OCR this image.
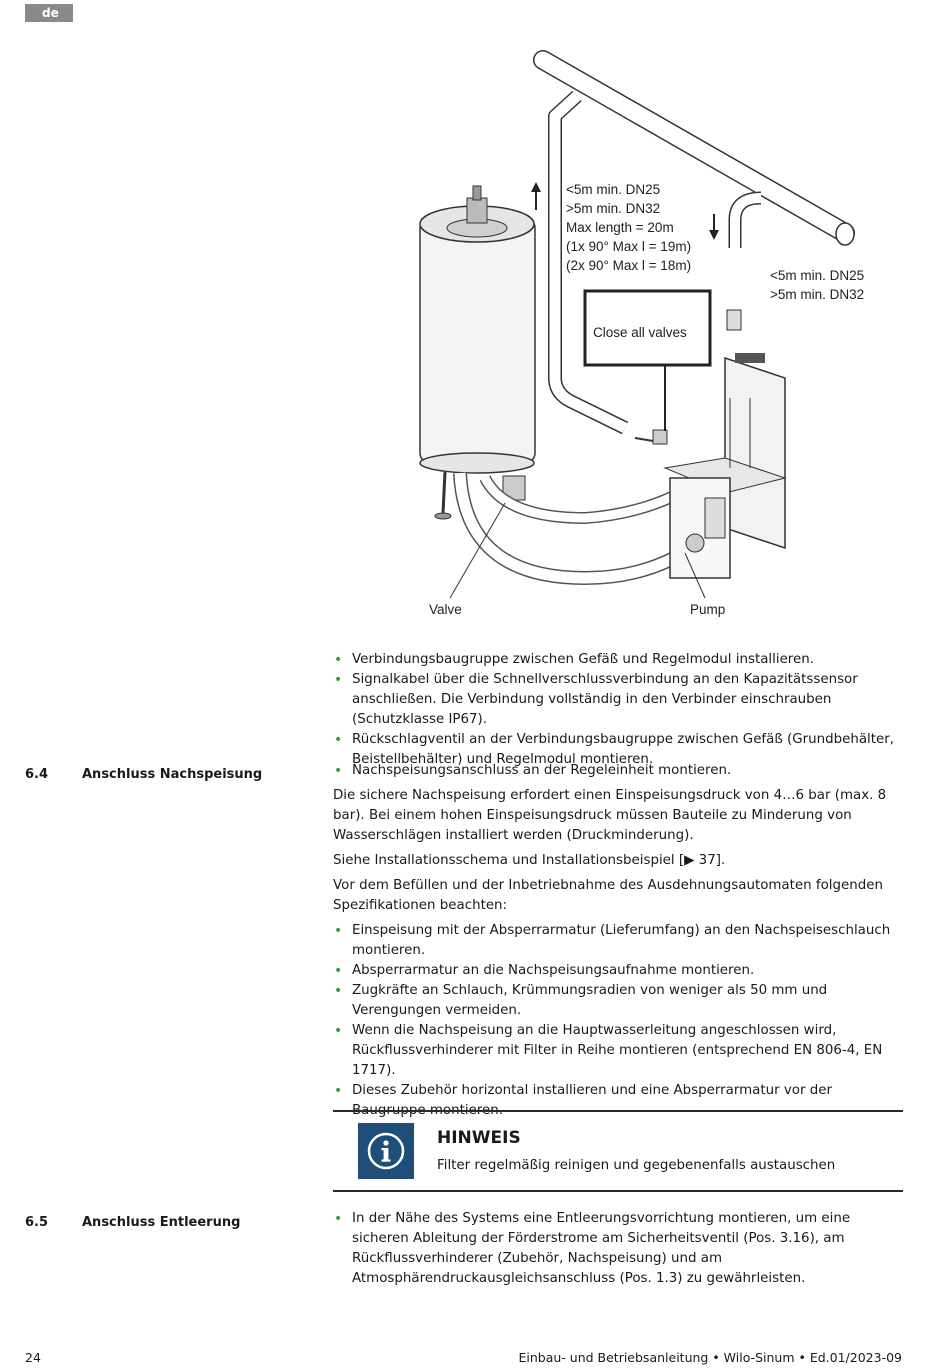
de
<5m min. DN25
>5m min. DN32
Max length = 20m
(1x 90° Max l = 19m)
(2x 90° Max l = 18m)
<5m min. DN25
>5m min. DN32
Close all valves
Valve	Pump
• Verbindungsbaugruppe zwischen Gefäß und Regelmodul installieren.
• Signalkabel über die Schnellverschlussverbindung an den Kapazitätssensor anschließen. Die Verbindung vollständig in den Verbinder einschrauben (Schutzklasse IP67).
• Rückschlagventil an der Verbindungsbaugruppe zwischen Gefäß (Grundbehälter, Beistellbehälter) und Regelmodul montieren.
6.4	Anschluss Nachspeisung	• Nachspeisungsanschluss an der Regeleinheit montieren.

Die sichere Nachspeisung erfordert einen Einspeisungsdruck von 4…6 bar (max. 8 bar). Bei einem hohen Einspeisungsdruck müssen Bauteile zu Minderung von Wasserschlägen installiert werden (Druckminderung).

Siehe Installationsschema und Installationsbeispiel [▶ 37].

Vor dem Befüllen und der Inbetriebnahme des Ausdehnungsautomaten folgenden Spezifikationen beachten:

• Einspeisung mit der Absperrarmatur (Lieferumfang) an den Nachspeiseschlauch montieren.
• Absperrarmatur an die Nachspeisungsaufnahme montieren.
• Zugkräfte an Schlauch, Krümmungsradien von weniger als 50 mm und Verengungen vermeiden.
• Wenn die Nachspeisung an die Hauptwasserleitung angeschlossen wird, Rückflussverhinderer mit Filter in Reihe montieren (entsprechend EN 806-4, EN 1717).
• Dieses Zubehör horizontal installieren und eine Absperrarmatur vor der Baugruppe montieren.
HINWEIS
Filter regelmäßig reinigen und gegebenenfalls austauschen
6.5	Anschluss Entleerung	• In der Nähe des Systems eine Entleerungsvorrichtung montieren, um eine sicheren Ableitung der Förderstrome am Sicherheitsventil (Pos. 3.16), am Rückflussverhinderer (Zubehör, Nachspeisung) und am Atmosphärendruckausgleichsanschluss (Pos. 1.3) zu gewährleisten.
24	Einbau- und Betriebsanleitung • Wilo-Sinum • Ed.01/2023-09
